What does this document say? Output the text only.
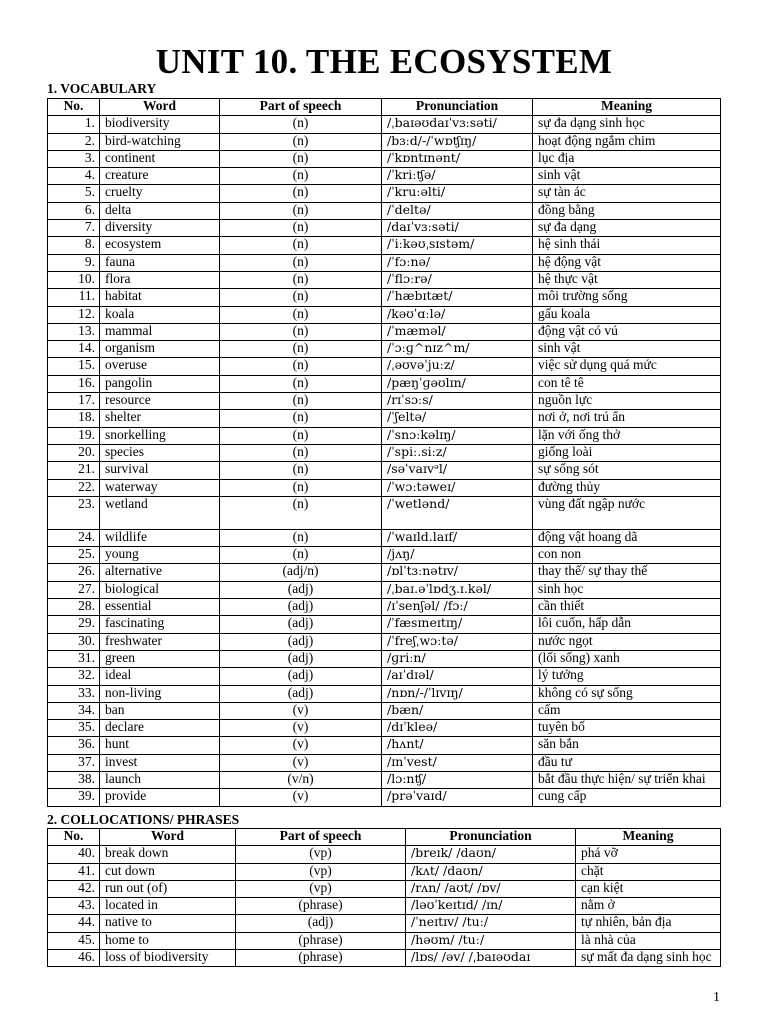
UNIT 10. THE ECOSYSTEM
1. VOCABULARY
No.	Word	Part of speech	Pronunciation	Meaning
1.	biodiversity	(n)	/ˌbaɪəʊdaɪˈvɜːsəti/	sự đa dạng sinh học
2.	bird-watching	(n)	/bɜːd/-/ˈwɒʧɪŋ/	hoạt động ngắm chim
3.	continent	(n)	/ˈkɒntɪnənt/	lục địa
4.	creature	(n)	/ˈkriːʧə/	sinh vật
5.	cruelty	(n)	/ˈkruːəlti/	sự tàn ác
6.	delta	(n)	/ˈdeltə/	đồng bằng
7.	diversity	(n)	/daɪˈvɜːsəti/	sự đa dạng
8.	ecosystem	(n)	/ˈiːkəʊˌsɪstəm/	hệ sinh thái
9.	fauna	(n)	/ˈfɔːnə/	hệ động vật
10.	flora	(n)	/ˈflɔːrə/	hệ thực vật
11.	habitat	(n)	/ˈhæbɪtæt/	môi trường sống
12.	koala	(n)	/kəʊˈɑːlə/	gấu koala
13.	mammal	(n)	/ˈmæməl/	động vật có vú
14.	organism	(n)	/ˈɔːɡ^nɪz^m/	sinh vật
15.	overuse	(n)	/ˌəʊvəˈjuːz/	việc sử dụng quá mức
16.	pangolin	(n)	/pæŋˈɡəʊlɪn/	con tê tê
17.	resource	(n)	/rɪˈsɔːs/	nguồn lực
18.	shelter	(n)	/ˈʃeltə/	nơi ở, nơi trú ẩn
19.	snorkelling	(n)	/ˈsnɔːkəlɪŋ/	lặn với ống thở
20.	species	(n)	/ˈspiː.siːz/	giống loài
21.	survival	(n)	/səˈvaɪvᵊl/	sự sống sót
22.	waterway	(n)	/ˈwɔːtəweɪ/	đường thủy
23.	wetland	(n)	/ˈwetlənd/	vùng đất ngập nước
24.	wildlife	(n)	/ˈwaɪld.laɪf/	động vật hoang dã
25.	young	(n)	/jʌŋ/	con non
26.	alternative	(adj/n)	/ɒlˈtɜːnətɪv/	thay thế/ sự thay thế
27.	biological	(adj)	/ˌbaɪ.əˈlɒdʒ.ɪ.kəl/	sinh học
28.	essential	(adj)	/ɪˈsenʃəl/ /fɔː/	cần thiết
29.	fascinating	(adj)	/ˈfæsɪneɪtɪŋ/	lôi cuốn, hấp dẫn
30.	freshwater	(adj)	/ˈfreʃˌwɔːtə/	nước ngọt
31.	green	(adj)	/ɡriːn/	(lối sống) xanh
32.	ideal	(adj)	/aɪˈdɪəl/	lý tưởng
33.	non-living	(adj)	/nɒn/-/ˈlɪvɪŋ/	không có sự sống
34.	ban	(v)	/bæn/	cấm
35.	declare	(v)	/dɪˈkleə/	tuyên bố
36.	hunt	(v)	/hʌnt/	săn bắn
37.	invest	(v)	/ɪnˈvest/	đầu tư
38.	launch	(v/n)	/lɔːnʧ/	bắt đầu thực hiện/ sự triển khai
39.	provide	(v)	/prəˈvaɪd/	cung cấp
2. COLLOCATIONS/ PHRASES
No.	Word	Part of speech	Pronunciation	Meaning
40.	break down	(vp)	/breɪk/ /daʊn/	phá vỡ
41.	cut down	(vp)	/kʌt/ /daʊn/	chặt
42.	run out (of)	(vp)	/rʌn/ /aʊt/ /ɒv/	cạn kiệt
43.	located in	(phrase)	/ləʊˈkeɪtɪd/ /ɪn/	nằm ở
44.	native to	(adj)	/ˈneɪtɪv/ /tuː/	tự nhiên, bản địa
45.	home to	(phrase)	/həʊm/ /tuː/	là nhà của
46.	loss of biodiversity	(phrase)	/lɒs/ /əv/ /ˌbaɪəʊdaɪ	sự mất đa dạng sinh học
1
